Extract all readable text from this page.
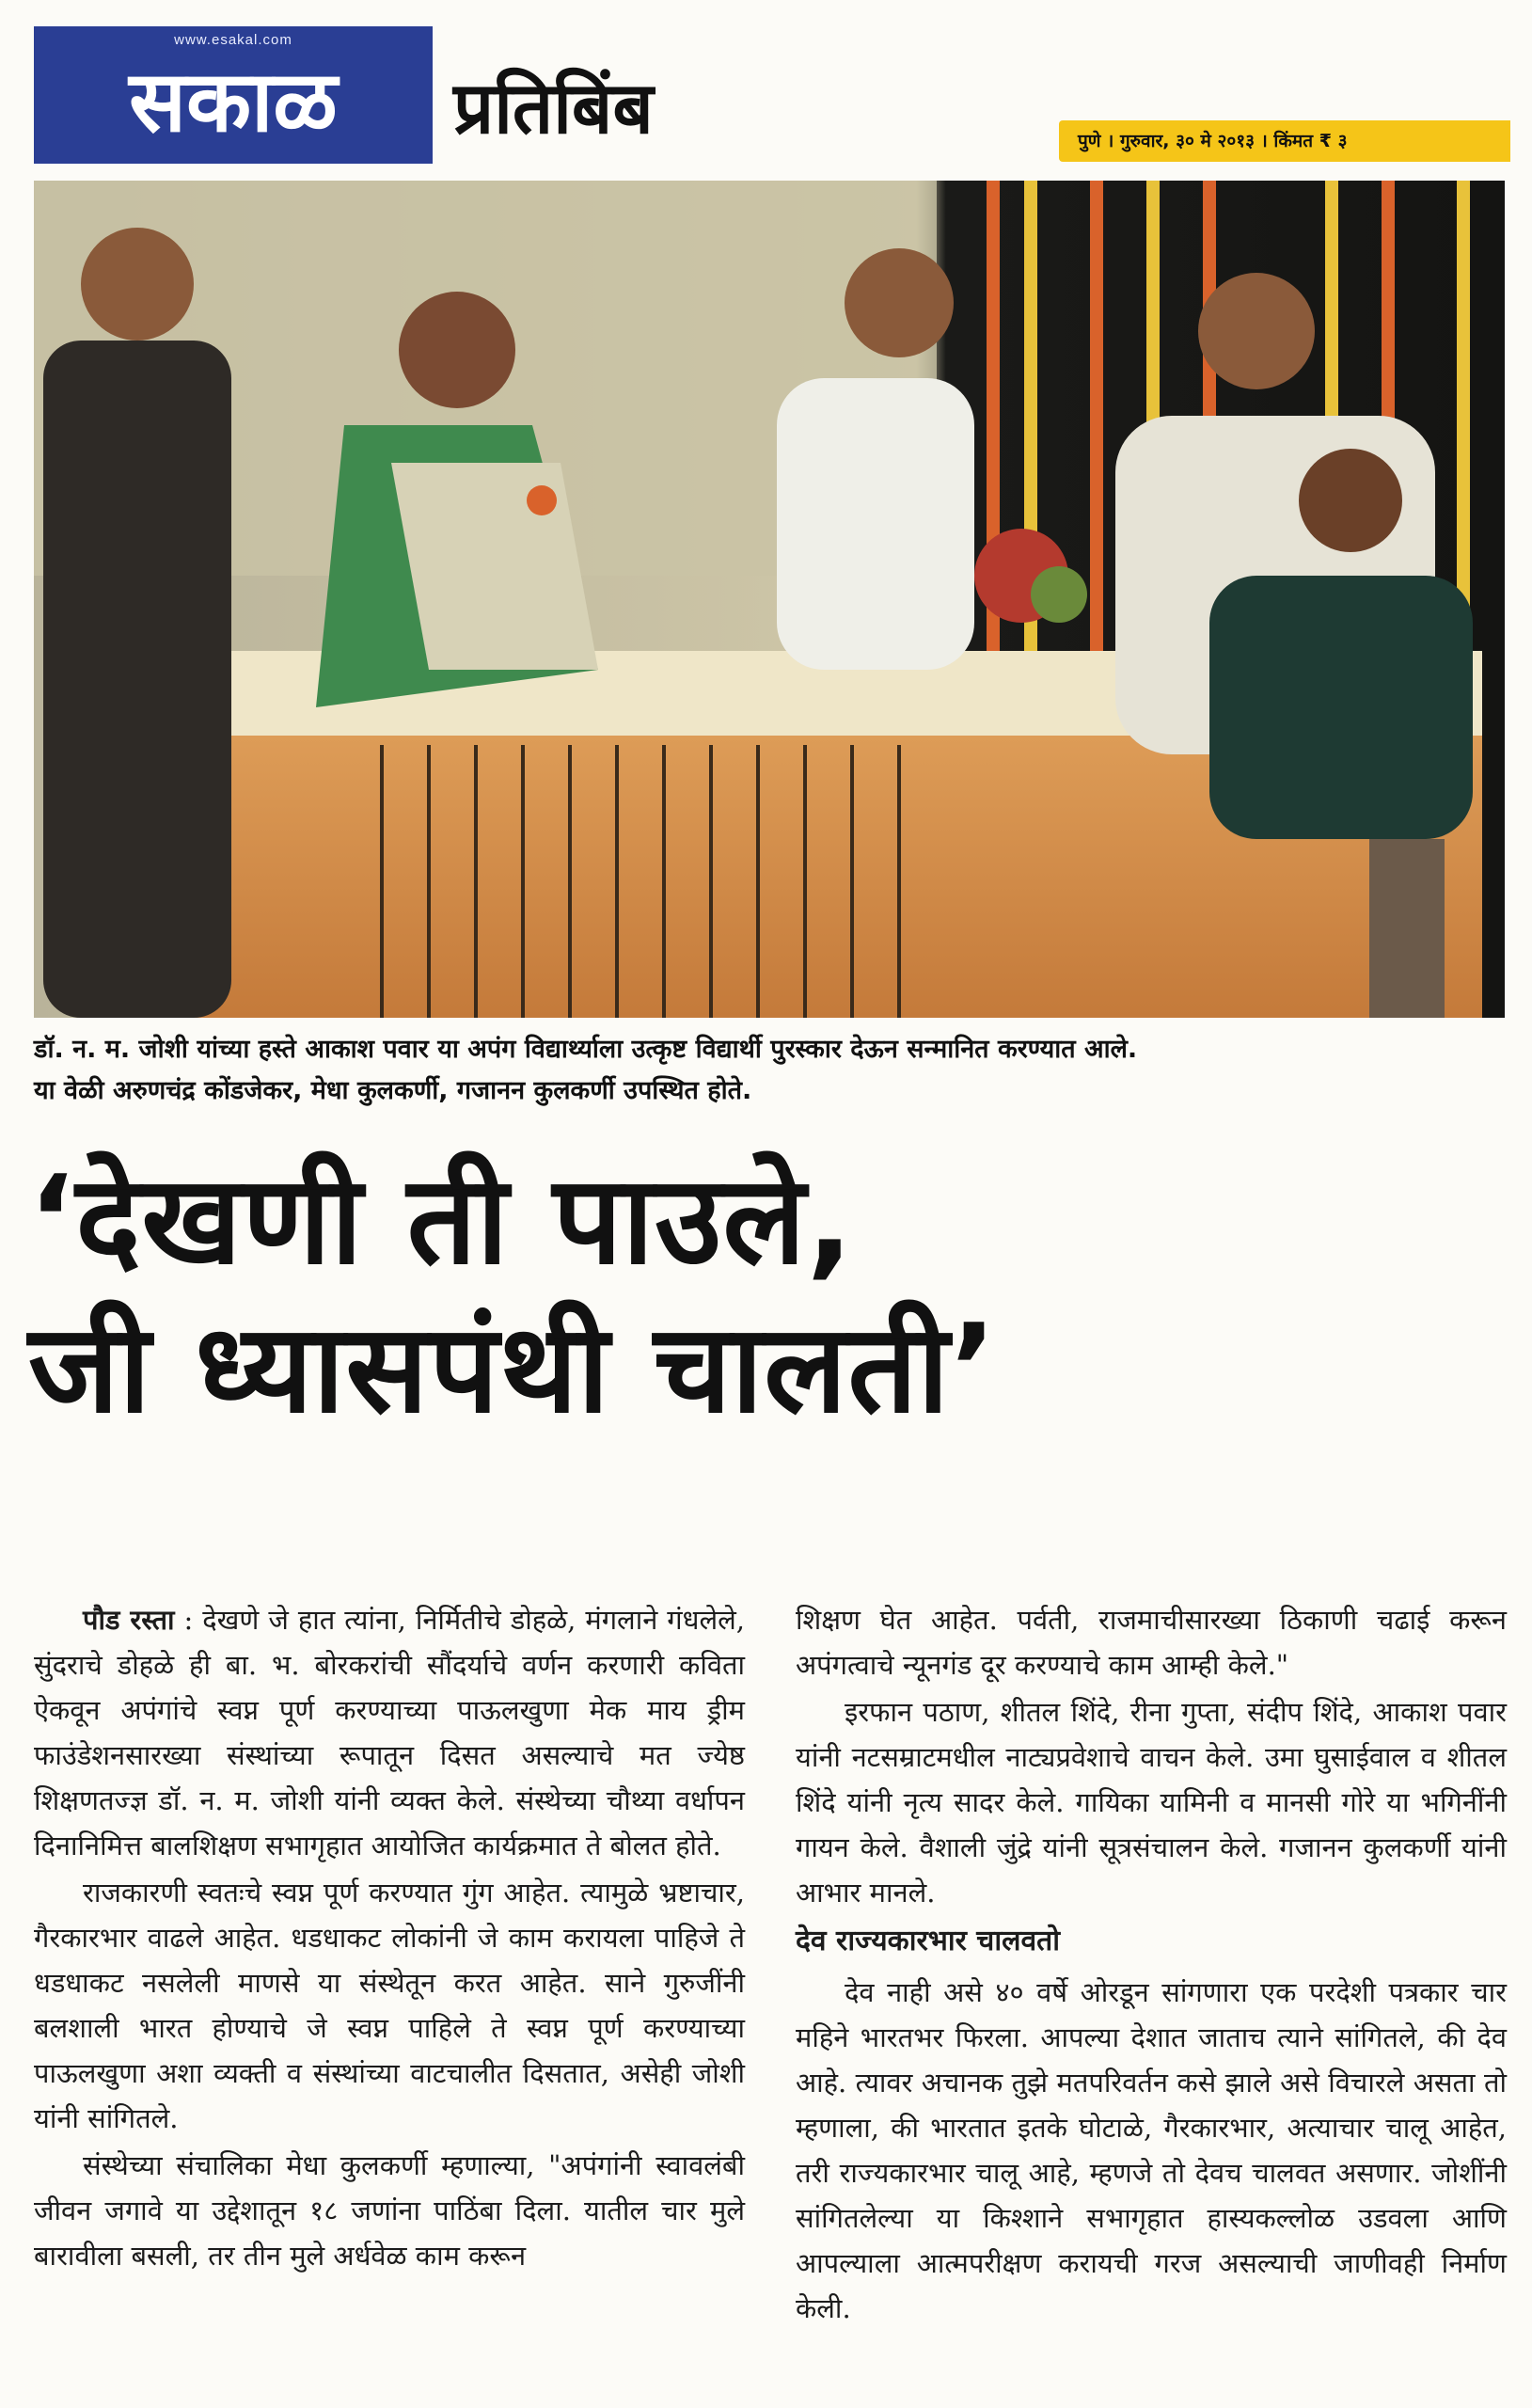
www.esakal.com
सकाळ	प्रतिबिंब	पुणे । गुरुवार, ३० मे २०१३ । किंमत ₹ ३

डॉ. न. म. जोशी यांच्या हस्ते आकाश पवार या अपंग विद्यार्थ्याला उत्कृष्ट विद्यार्थी पुरस्कार देऊन सन्मानित करण्यात आले.

या वेळी अरुणचंद्र कोंडजेकर, मेधा कुलकर्णी, गजानन कुलकर्णी उपस्थित होते.

‘देखणी ती पाउले,
जी ध्यासपंथी चालती’

पौड रस्ता : देखणे जे हात त्यांना, निर्मितीचे डोहळे, मंगलाने गंधलेले, सुंदराचे डोहळे ही बा. भ. बोरकरांची सौंदर्याचे वर्णन करणारी कविता ऐकवून अपंगांचे स्वप्न पूर्ण करण्याच्या पाऊलखुणा मेक माय ड्रीम फाउंडेशनसारख्या संस्थांच्या रूपातून दिसत असल्याचे मत ज्येष्ठ शिक्षणतज्ज्ञ डॉ. न. म. जोशी यांनी व्यक्त केले. संस्थेच्या चौथ्या वर्धापन दिनानिमित्त बालशिक्षण सभागृहात आयोजित कार्यक्रमात ते बोलत होते.

राजकारणी स्वतःचे स्वप्न पूर्ण करण्यात गुंग आहेत. त्यामुळे भ्रष्टाचार, गैरकारभार वाढले आहेत. धडधाकट लोकांनी जे काम करायला पाहिजे ते धडधाकट नसलेली माणसे या संस्थेतून करत आहेत. साने गुरुजींनी बलशाली भारत होण्याचे जे स्वप्न पाहिले ते स्वप्न पूर्ण करण्याच्या पाऊलखुणा अशा व्यक्ती व संस्थांच्या वाटचालीत दिसतात, असेही जोशी यांनी सांगितले.

संस्थेच्या संचालिका मेधा कुलकर्णी म्हणाल्या, "अपंगांनी स्वावलंबी जीवन जगावे या उद्देशातून १८ जणांना पाठिंबा दिला. यातील चार मुले बारावीला बसली, तर तीन मुले अर्धवेळ काम करून

शिक्षण घेत आहेत. पर्वती, राजमाचीसारख्या ठिकाणी चढाई करून अपंगत्वाचे न्यूनगंड दूर करण्याचे काम आम्ही केले."

इरफान पठाण, शीतल शिंदे, रीना गुप्ता, संदीप शिंदे, आकाश पवार यांनी नटसम्राटमधील नाट्यप्रवेशाचे वाचन केले. उमा घुसाईवाल व शीतल शिंदे यांनी नृत्य सादर केले. गायिका यामिनी व मानसी गोरे या भगिनींनी गायन केले. वैशाली जुंद्रे यांनी सूत्रसंचालन केले. गजानन कुलकर्णी यांनी आभार मानले.

देव राज्यकारभार चालवतो

देव नाही असे ४० वर्षे ओरडून सांगणारा एक परदेशी पत्रकार चार महिने भारतभर फिरला. आपल्या देशात जाताच त्याने सांगितले, की देव आहे. त्यावर अचानक तुझे मतपरिवर्तन कसे झाले असे विचारले असता तो म्हणाला, की भारतात इतके घोटाळे, गैरकारभार, अत्याचार चालू आहेत, तरी राज्यकारभार चालू आहे, म्हणजे तो देवच चालवत असणार. जोशींनी सांगितलेल्या या किश्शाने सभागृहात हास्यकल्लोळ उडवला आणि आपल्याला आत्मपरीक्षण करायची गरज असल्याची जाणीवही निर्माण केली.
